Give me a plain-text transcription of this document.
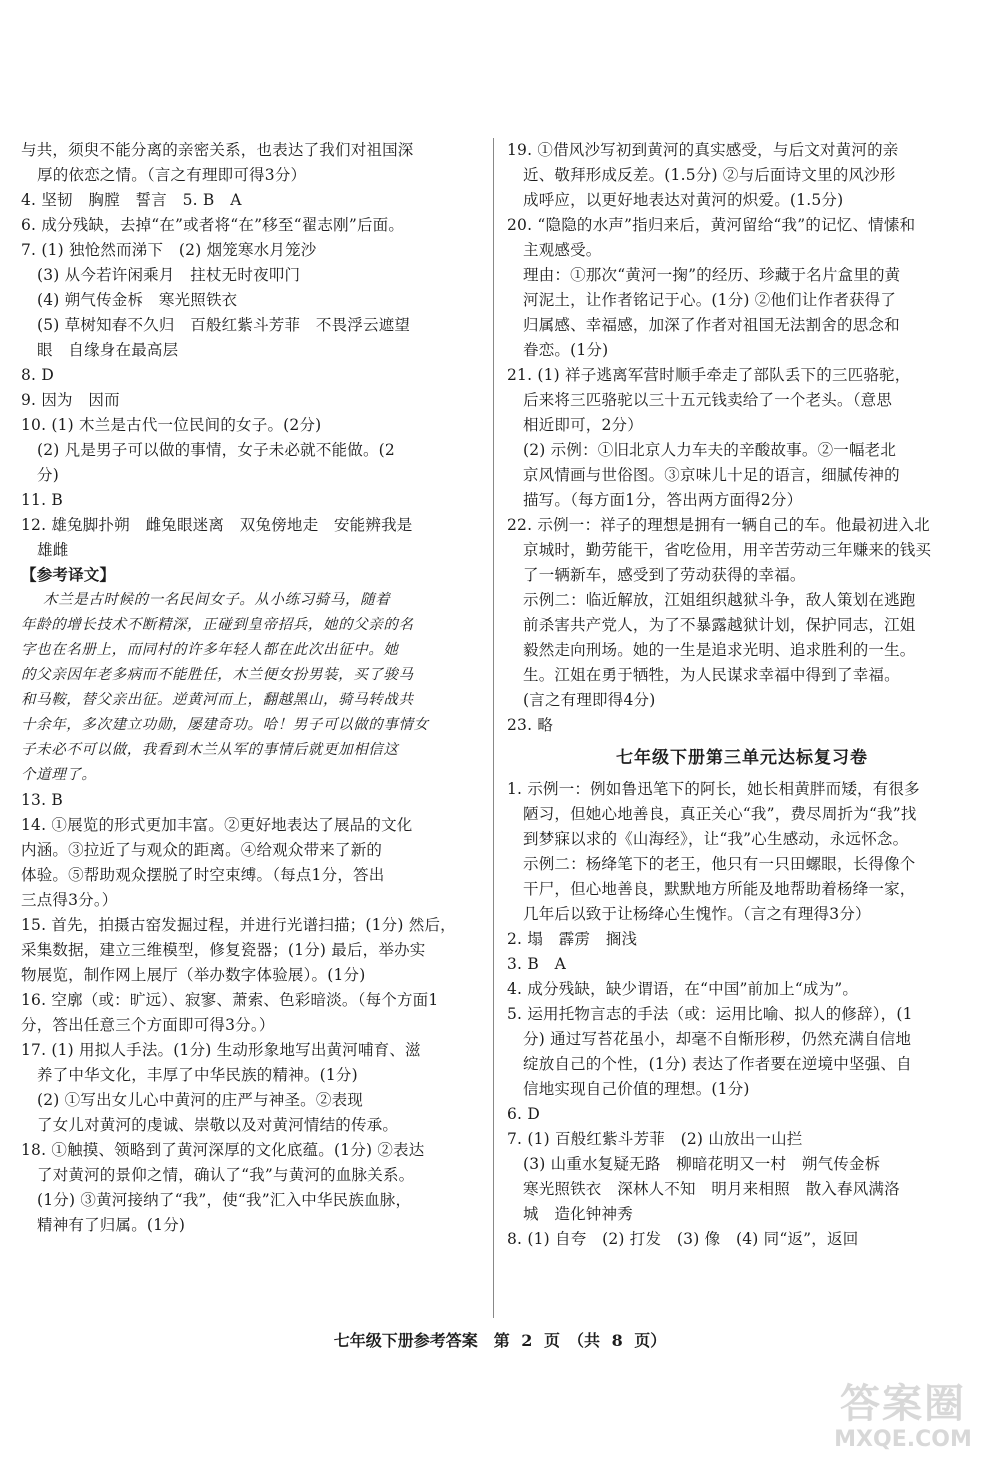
与共，须臾不能分离的亲密关系，也表达了我们对祖国深
厚的依恋之情。（言之有理即可得3分）
4. 坚韧　胸膛　誓言　5. B　A
6. 成分残缺，去掉“在”或者将“在”移至“翟志刚”后面。
7. (1) 独怆然而涕下　(2) 烟笼寒水月笼沙
(3) 从今若许闲乘月　拄杖无时夜叩门
(4) 朔气传金柝　寒光照铁衣
(5) 草树知春不久归　百般红紫斗芳菲　不畏浮云遮望
眼　自缘身在最高层
8. D
9. 因为　因而
10. (1) 木兰是古代一位民间的女子。(2分)
(2) 凡是男子可以做的事情，女子未必就不能做。(2
分)
11. B
12. 雄兔脚扑朔　雌兔眼迷离　双兔傍地走　安能辨我是
雄雌
【参考译文】
木兰是古时候的一名民间女子。从小练习骑马，随着
年龄的增长技术不断精深，正碰到皇帝招兵，她的父亲的名
字也在名册上，而同村的许多年轻人都在此次出征中。她
的父亲因年老多病而不能胜任，木兰便女扮男装，买了骏马
和马鞍，替父亲出征。逆黄河而上，翻越黑山，骑马转战共
十余年，多次建立功勋，屡建奇功。哈！男子可以做的事情女
子未必不可以做，我看到木兰从军的事情后就更加相信这
个道理了。
13. B
14. ①展览的形式更加丰富。②更好地表达了展品的文化
内涵。③拉近了与观众的距离。④给观众带来了新的
体验。⑤帮助观众摆脱了时空束缚。（每点1分，答出
三点得3分。）
15. 首先，拍摄古窑发掘过程，并进行光谱扫描；(1分) 然后，
采集数据，建立三维模型，修复瓷器；(1分) 最后，举办实
物展览，制作网上展厅（举办数字体验展）。(1分)
16. 空廓（或：旷远）、寂寥、萧索、色彩暗淡。（每个方面1
分，答出任意三个方面即可得3分。）
17. (1) 用拟人手法。(1分) 生动形象地写出黄河哺育、滋
养了中华文化，丰厚了中华民族的精神。(1分)
(2) ①写出女儿心中黄河的庄严与神圣。②表现
了女儿对黄河的虔诚、崇敬以及对黄河情结的传承。
18. ①触摸、领略到了黄河深厚的文化底蕴。(1分) ②表达
了对黄河的景仰之情，确认了“我”与黄河的血脉关系。
(1分) ③黄河接纳了“我”，使“我”汇入中华民族血脉，
精神有了归属。(1分)
19. ①借风沙写初到黄河的真实感受，与后文对黄河的亲
近、敬拜形成反差。(1.5分) ②与后面诗文里的风沙形
成呼应，以更好地表达对黄河的炽爱。(1.5分)
20. “隐隐的水声”指归来后，黄河留给“我”的记忆、情愫和
主观感受。
理由：①那次“黄河一掬”的经历、珍藏于名片盒里的黄
河泥土，让作者铭记于心。(1分) ②他们让作者获得了
归属感、幸福感，加深了作者对祖国无法割舍的思念和
眷恋。(1分)
21. (1) 祥子逃离军营时顺手牵走了部队丢下的三匹骆驼，
后来将三匹骆驼以三十五元钱卖给了一个老头。（意思
相近即可，2分）
(2) 示例：①旧北京人力车夫的辛酸故事。②一幅老北
京风情画与世俗图。③京味儿十足的语言，细腻传神的
描写。（每方面1分，答出两方面得2分）
22. 示例一：祥子的理想是拥有一辆自己的车。他最初进入北
京城时，勤劳能干，省吃俭用，用辛苦劳动三年赚来的钱买
了一辆新车，感受到了劳动获得的幸福。
示例二：临近解放，江姐组织越狱斗争，敌人策划在逃跑
前杀害共产党人，为了不暴露越狱计划，保护同志，江姐
毅然走向刑场。她的一生是追求光明、追求胜利的一生。
生。江姐在勇于牺牲，为人民谋求幸福中得到了幸福。
(言之有理即得4分)
23. 略
七年级下册第三单元达标复习卷
1. 示例一：例如鲁迅笔下的阿长，她长相黄胖而矮，有很多
陋习，但她心地善良，真正关心“我”，费尽周折为“我”找
到梦寐以求的《山海经》，让“我”心生感动，永远怀念。
示例二：杨绛笔下的老王，他只有一只田螺眼，长得像个
干尸，但心地善良，默默地方所能及地帮助着杨绛一家，
几年后以致于让杨绛心生愧怍。（言之有理得3分）
2. 塌　霹雳　搁浅
3. B　A
4. 成分残缺，缺少谓语，在“中国”前加上“成为”。
5. 运用托物言志的手法（或：运用比喻、拟人的修辞），(1
分) 通过写苔花虽小，却毫不自惭形秽，仍然充满自信地
绽放自己的个性，(1分) 表达了作者要在逆境中坚强、自
信地实现自己价值的理想。(1分)
6. D
7. (1) 百般红紫斗芳菲　(2) 山放出一山拦
(3) 山重水复疑无路　柳暗花明又一村　朔气传金柝
寒光照铁衣　深林人不知　明月来相照　散入春风满洛
城　造化钟神秀
8. (1) 自夸　(2) 打发　(3) 像　(4) 同“返”，返回
七年级下册参考答案　第 2 页　（共 8 页）
答案圈
MXQE.COM
